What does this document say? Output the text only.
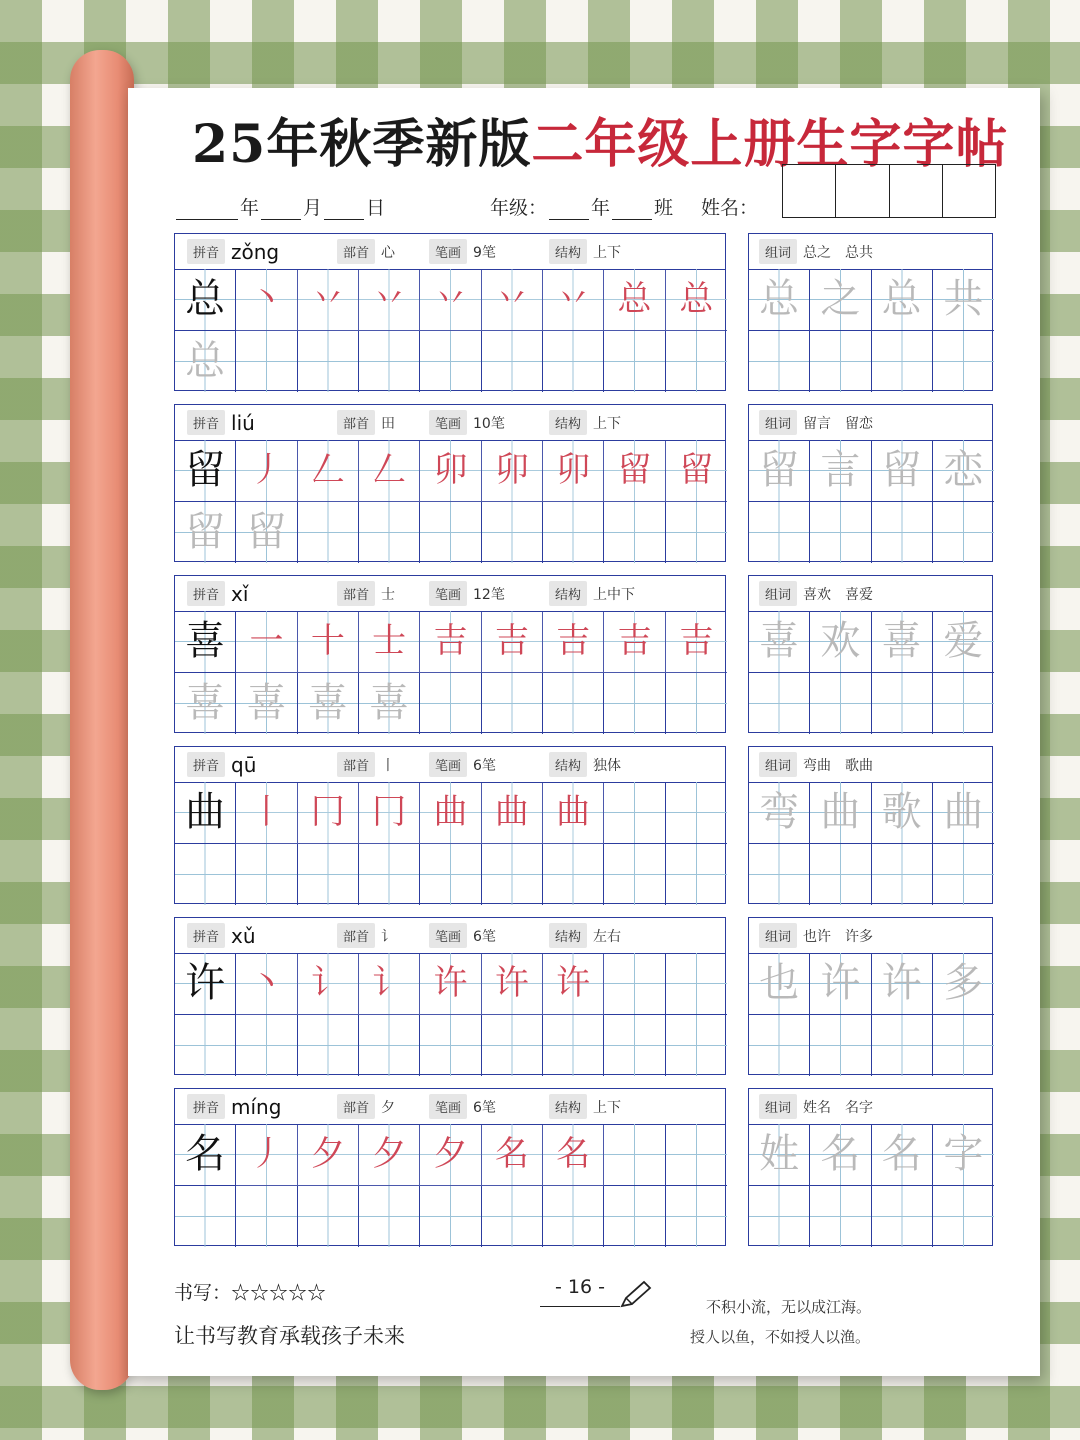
25年秋季新版二年级上册生字字帖
年 月 日	年级： 年 班 姓名：
拼音 zǒng	部首 心	笔画 9笔	结构 上下
总 丶 丷 丷 丷 丷 丷 总 总
总
组词 总之　总共
总 之 总 共
拼音 liú	部首 田	笔画 10笔	结构 上下
留 丿 𠃋 𠃋 卯 卯 卯 留 留
留 留
组词 留言　留恋
留 言 留 恋
拼音 xǐ	部首 士	笔画 12笔	结构 上中下
喜 一 十 士 吉 吉 吉 吉 吉
喜 喜 喜 喜
组词 喜欢　喜爱
喜 欢 喜 爱
拼音 qū	部首 丨	笔画 6笔	结构 独体
曲 丨 冂 冂 曲 曲 曲
组词 弯曲　歌曲
弯 曲 歌 曲
拼音 xǔ	部首 讠	笔画 6笔	结构 左右
许 丶 讠 讠 许 许 许
组词 也许　许多
也 许 许 多
拼音 míng	部首 夕	笔画 6笔	结构 上下
名 丿 夕 夕 夕 名 名
组词 姓名　名字
姓 名 名 字
书写：☆☆☆☆☆
让书写教育承载孩子未来
- 16 -
不积小流，无以成江海。
授人以鱼，不如授人以渔。
